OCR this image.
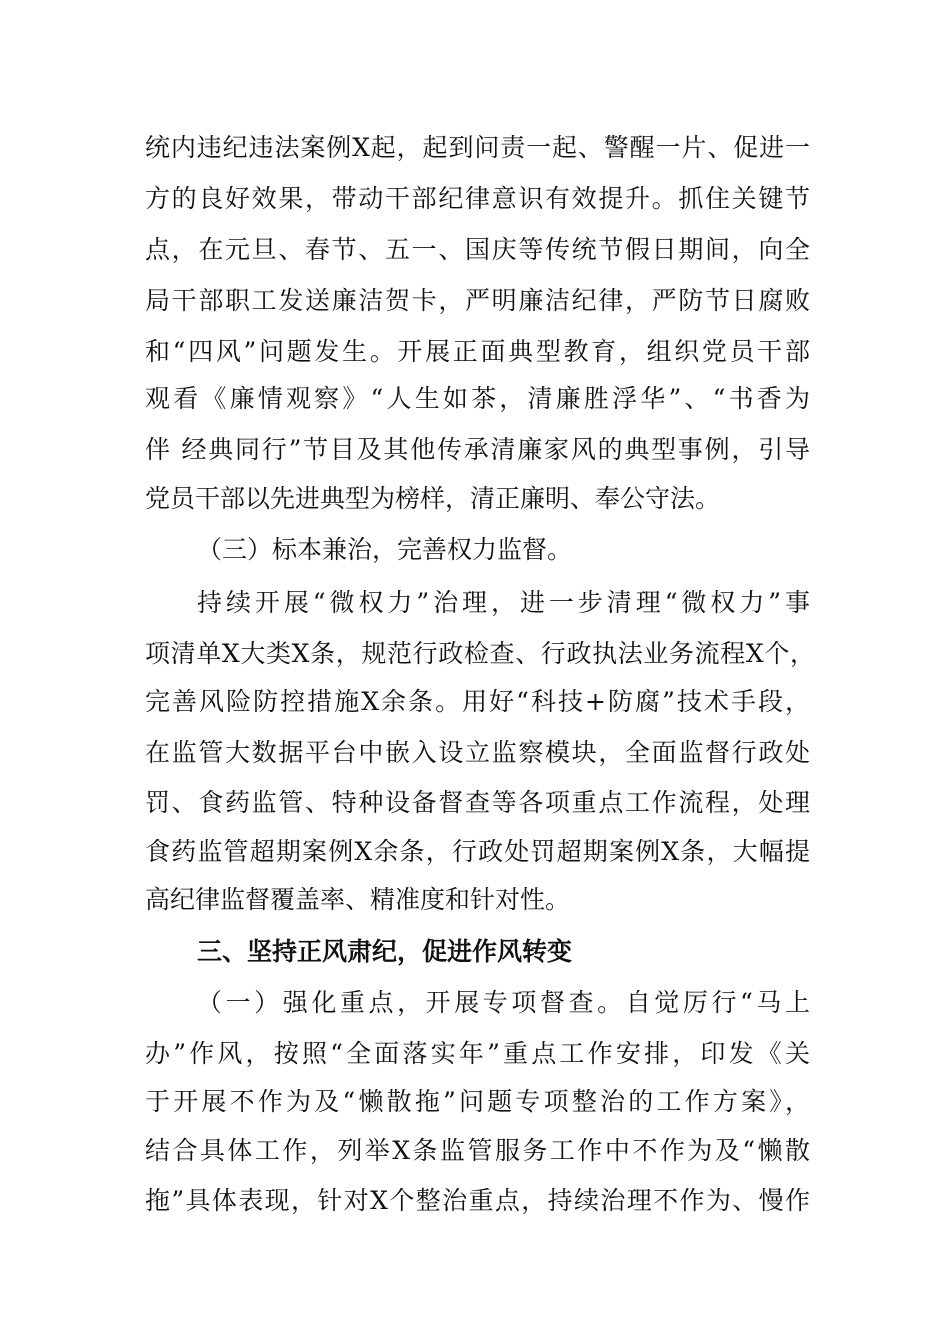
统内违纪违法案例X起，起到问责一起、警醒一片、促进一
方的良好效果，带动干部纪律意识有效提升。抓住关键节
点，在元旦、春节、五一、国庆等传统节假日期间，向全
局干部职工发送廉洁贺卡，严明廉洁纪律，严防节日腐败
和“四风”问题发生。开展正面典型教育，组织党员干部
观看《廉情观察》“人生如茶，清廉胜浮华”、“书香为
伴 经典同行”节目及其他传承清廉家风的典型事例，引导
党员干部以先进典型为榜样，清正廉明、奉公守法。
（三）标本兼治，完善权力监督。
持续开展“微权力”治理，进一步清理“微权力”事
项清单X大类X条，规范行政检查、行政执法业务流程X个，
完善风险防控措施X余条。用好“科技+防腐”技术手段，
在监管大数据平台中嵌入设立监察模块，全面监督行政处
罚、食药监管、特种设备督查等各项重点工作流程，处理
食药监管超期案例X余条，行政处罚超期案例X条，大幅提
高纪律监督覆盖率、精准度和针对性。
三、坚持正风肃纪，促进作风转变
（一）强化重点，开展专项督查。自觉厉行“马上
办”作风，按照“全面落实年”重点工作安排，印发《关
于开展不作为及“懒散拖”问题专项整治的工作方案》，
结合具体工作，列举X条监管服务工作中不作为及“懒散
拖”具体表现，针对X个整治重点，持续治理不作为、慢作
